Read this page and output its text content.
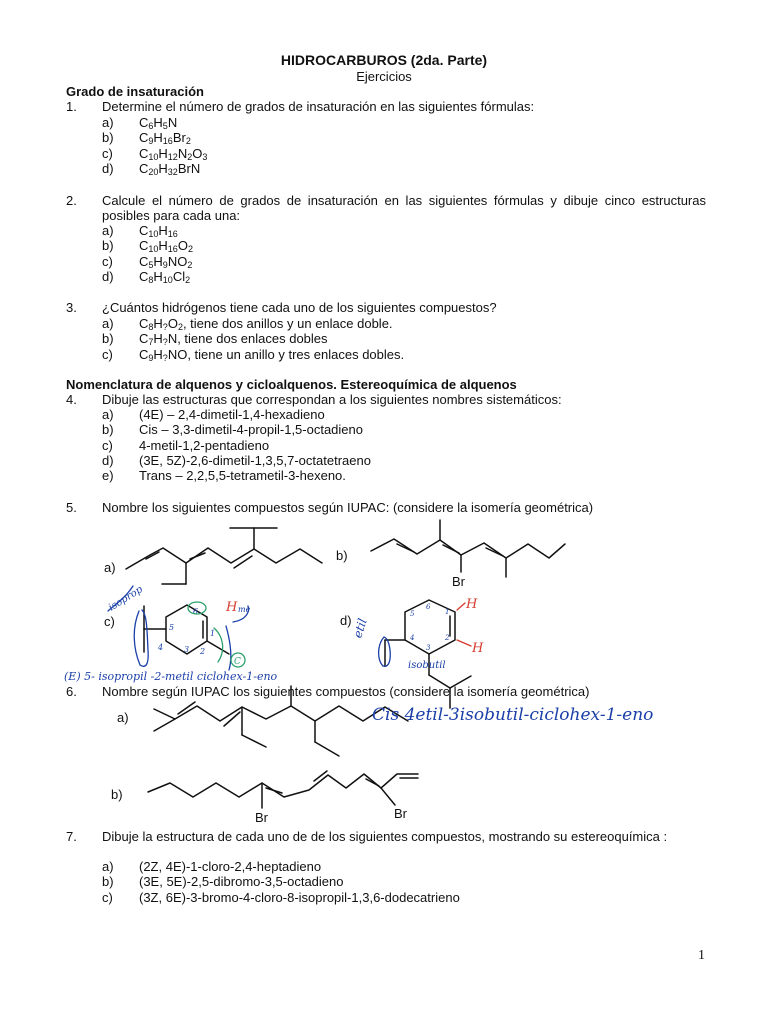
HIDROCARBUROS (2da. Parte)
Ejercicios
Grado de insaturación
1. Determine el número de grados de insaturación en las siguientes fórmulas:
a) $C_6H_5N$
b) $C_9H_{16}Br_2$
c) $C_{10}H_{12}N_2O_3$
d) $C_{20}H_{32}BrN$
2. Calcule el número de grados de insaturación en las siguientes fórmulas y dibuje cinco estructuras posibles para cada una:
a) $C_{10}H_{16}$
b) $C_{10}H_{16}O_2$
c) $C_5H_9NO_2$
d) $C_8H_{10}Cl_2$
3. ¿Cuántos hidrógenos tiene cada uno de los siguientes compuestos?
a) $C_8H_?O_2$, tiene dos anillos y un enlace doble.
b) $C_7H_?N$, tiene dos enlaces dobles
c) $C_9H_?NO$, tiene un anillo y tres enlaces dobles.
Nomenclatura de alquenos y cicloalquenos. Estereoquímica de alquenos
4. Dibuje las estructuras que correspondan a los siguientes nombres sistemáticos:
a) (4E) – 2,4-dimetil-1,4-hexadieno
b) Cis – 3,3-dimetil-4-propil-1,5-octadieno
c) 4-metil-1,2-pentadieno
d) (3E, 5Z)-2,6-dimetil-1,3,5,7-octatetraeno
e) Trans – 2,2,5,5-tetrametil-3-hexeno.
5. Nombre los siguientes compuestos según IUPAC: (considere la isomería geométrica)
a)
b)
c)	d)
Br
6. Nombre según IUPAC los siguientes compuestos (considere la isomería geométrica)
a)
b)
Br	Br
7. Dibuje la estructura de cada uno de de los siguientes compuestos, mostrando su estereoquímica :
a) (2Z, 4E)-1-cloro-2,4-heptadieno
b) (3E, 5E)-2,5-dibromo-3,5-octadieno
c) (3Z, 6E)-3-bromo-4-cloro-8-isopropil-1,3,6-dodecatrieno
1
isoprop
(E) 5- isopropil -2-metil ciclohex-1-eno
Cis 4etil-3isobutil-ciclohex-1-eno
etil
isobutil
me
5
4	3 2
1
6	1
2
3
4
5
6
C
H	H
H
